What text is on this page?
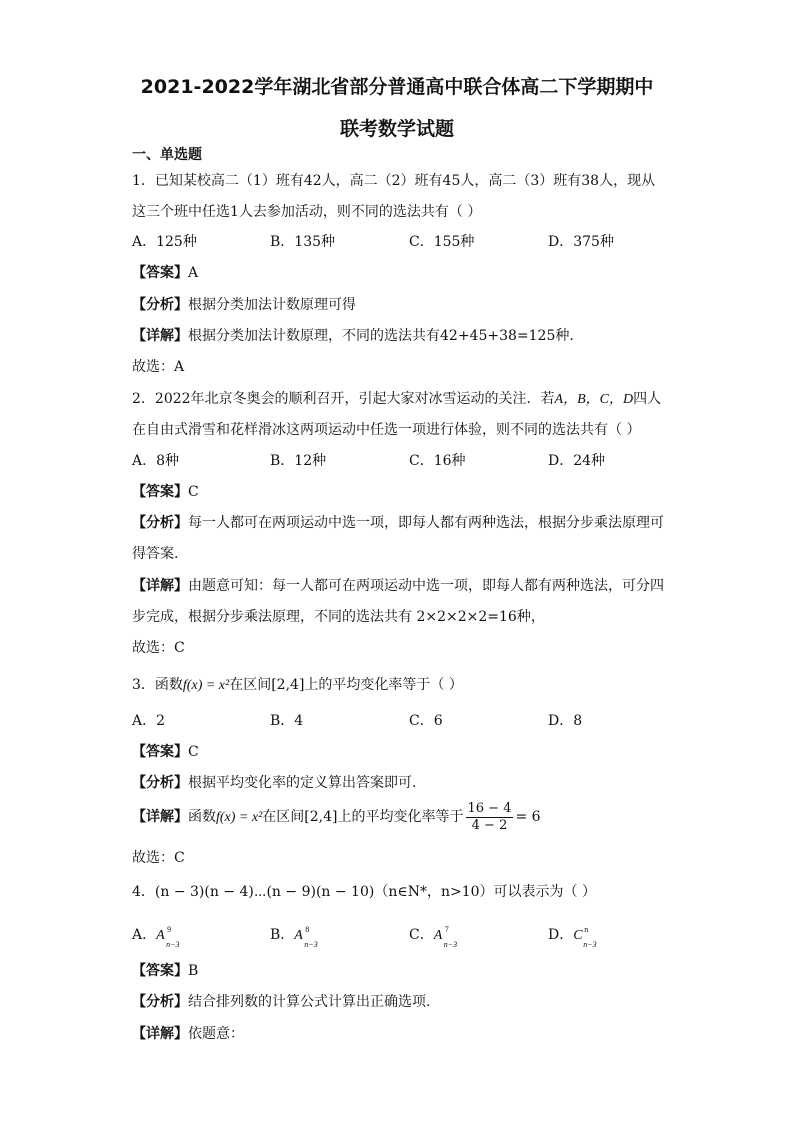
2021-2022学年湖北省部分普通高中联合体高二下学期期中
联考数学试题
一、单选题
1．已知某校高二（1）班有42人，高二（2）班有45人，高二（3）班有38人，现从
这三个班中任选1人去参加活动，则不同的选法共有（ ）
A．125种	B．135种	C．155种	D．375种
【答案】A
【分析】根据分类加法计数原理可得
【详解】根据分类加法计数原理，不同的选法共有42+45+38=125种．
故选：A
2．2022年北京冬奥会的顺利召开，引起大家对冰雪运动的关注．若A，B，C，D四人
在自由式滑雪和花样滑冰这两项运动中任选一项进行体验，则不同的选法共有（ ）
A．8种	B．12种	C．16种	D．24种
【答案】C
【分析】每一人都可在两项运动中选一项，即每人都有两种选法，根据分步乘法原理可
得答案.
【详解】由题意可知：每一人都可在两项运动中选一项，即每人都有两种选法，可分四
步完成，根据分步乘法原理，不同的选法共有 2×2×2×2=16种，
故选：C
3．函数f(x) = x²在区间[2,4]上的平均变化率等于（ ）
A．2	B．4	C．6	D．8
【答案】C
【分析】根据平均变化率的定义算出答案即可.
【详解】函数f(x) = x²在区间[2,4]上的平均变化率等于 $\frac{16 - 4}{4 - 2} = 6$
故选：C
4．(n − 3)(n − 4)⋯(n − 9)(n − 10)（n∈N*，n>10）可以表示为（ ）
A．A 9
n−3
B．A 8
n−3
C．A 7
n−3
D．C n
n−3
【答案】B
【分析】结合排列数的计算公式计算出正确选项.
【详解】依题意：
